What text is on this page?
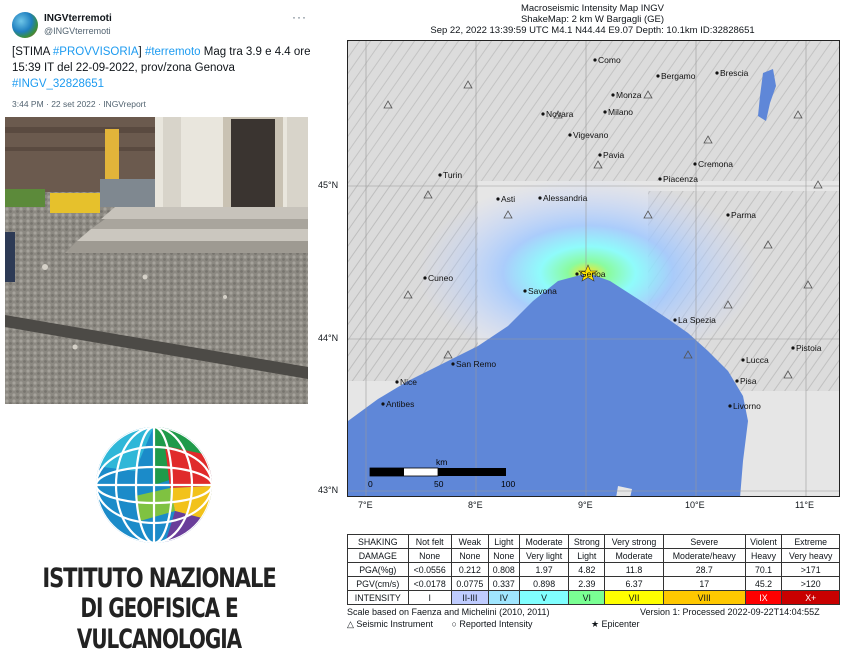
INGVterremoti
@INGVterremoti
···
[STIMA #PROVVISORIA] #terremoto Mag tra 3.9 e 4.4 ore 15:39 IT del 22-09-2022, prov/zona Genova #INGV_32828651
3:44 PM · 22 set 2022 · INGVreport
ISTITUTO NAZIONALE
DI GEOFISICA E VULCANOLOGIA
Macroseismic Intensity Map INGV
ShakeMap: 2 km W Bargagli (GE)
Sep 22, 2022 13:39:59 UTC M4.1 N44.44 E9.07 Depth: 10.1km ID:32828651
Como
Bergamo	Brescia
Monza
Novara	Milano
Vigevano
Pavia
Cremona
Turin
Asti	Alessandria
Piacenza
Parma
Cuneo	Genoa
Savona
La Spezia
Pistoia
Lucca
Nice
San Remo
Pisa
Antibes	Livorno
km
0	50	100
45°N
44°N
43°N
7°E	8°E	9°E	10°E	11°E
SHAKING	Not felt	Weak	Light	Moderate	Strong	Very strong	Severe	Violent	Extreme
DAMAGE	None	None	None	Very light	Light	Moderate	Moderate/heavy	Heavy	Very heavy
PGA(%g)	<0.0556	0.212	0.808	1.97	4.82	11.8	28.7	70.1	>171
PGV(cm/s)	<0.0178	0.0775	0.337	0.898	2.39	6.37	17	45.2	>120
INTENSITY	I	II-III	IV	V	VI	VII	VIII	IX	X+
Scale based on Faenza and Michelini (2010, 2011)	Version 1: Processed 2022-09-22T14:04:55Z
△ Seismic Instrument ○ Reported Intensity	★ Epicenter
